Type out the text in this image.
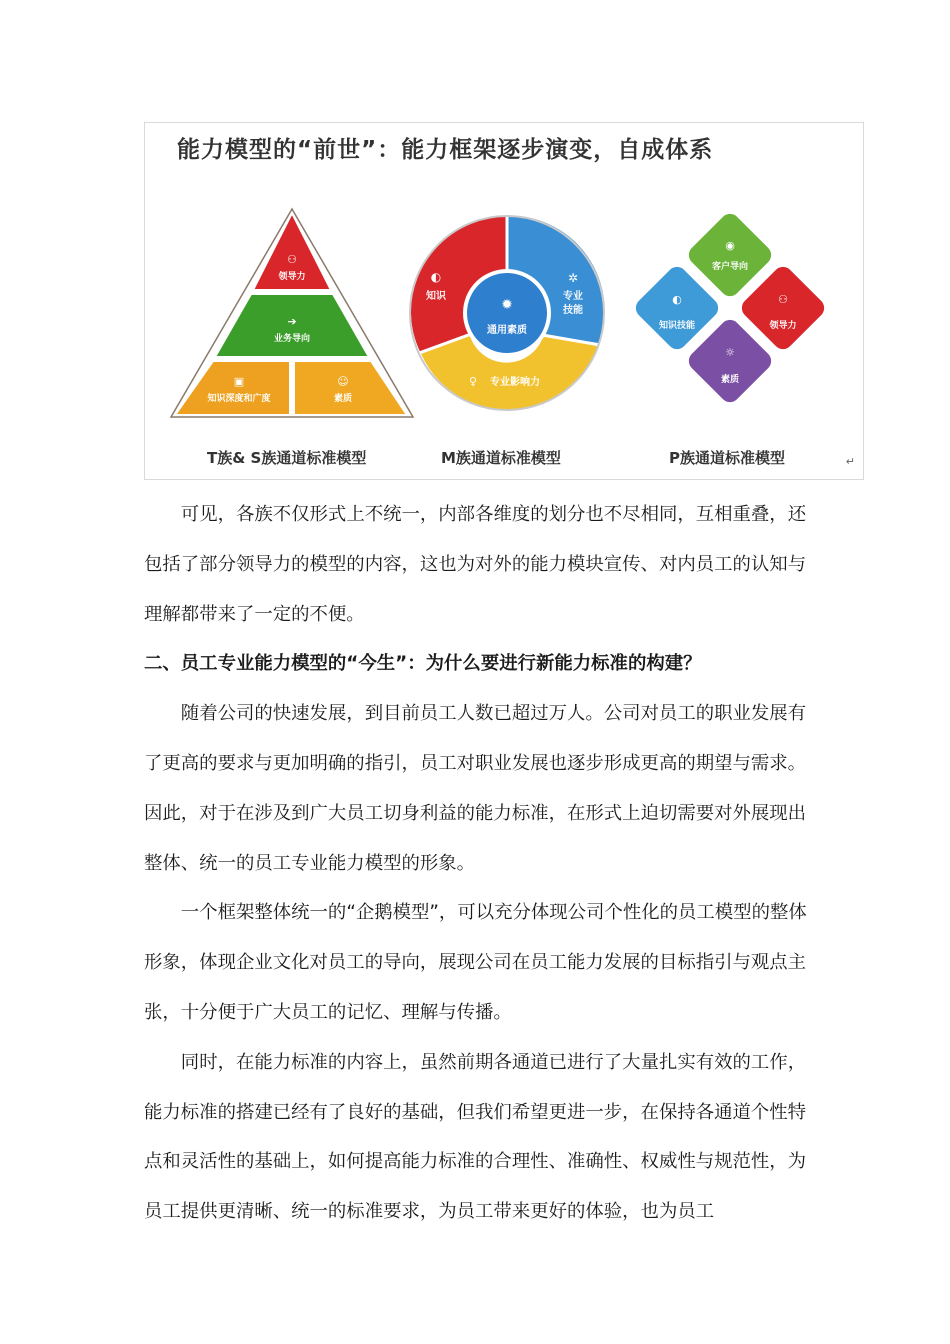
⚇
领导力
➔
业务导向
▣
知识深度和广度
☺
素质
✹
通用素质
◐
知识
✲
专业
技能
♀ 专业影响力
◉
客户导向
◐
知识技能
⚇
领导力
☼
素质
能力模型的“前世”：能力框架逐步演变，自成体系
T族& S族通道标准模型	M族通道标准模型	P族通道标准模型	↵

可见，各族不仅形式上不统一，内部各维度的划分也不尽相同，互相重叠，还包括了部分领导力的模型的内容，这也为对外的能力模块宣传、对内员工的认知与理解都带来了一定的不便。

二、员工专业能力模型的“今生”：为什么要进行新能力标准的构建？

随着公司的快速发展，到目前员工人数已超过万人。公司对员工的职业发展有了更高的要求与更加明确的指引，员工对职业发展也逐步形成更高的期望与需求。因此，对于在涉及到广大员工切身利益的能力标准，在形式上迫切需要对外展现出整体、统一的员工专业能力模型的形象。

一个框架整体统一的“企鹅模型”，可以充分体现公司个性化的员工模型的整体形象，体现企业文化对员工的导向，展现公司在员工能力发展的目标指引与观点主张，十分便于广大员工的记忆、理解与传播。

同时，在能力标准的内容上，虽然前期各通道已进行了大量扎实有效的工作，能力标准的搭建已经有了良好的基础，但我们希望更进一步，在保持各通道个性特点和灵活性的基础上，如何提高能力标准的合理性、准确性、权威性与规范性，为员工提供更清晰、统一的标准要求，为员工带来更好的体验，也为员工
